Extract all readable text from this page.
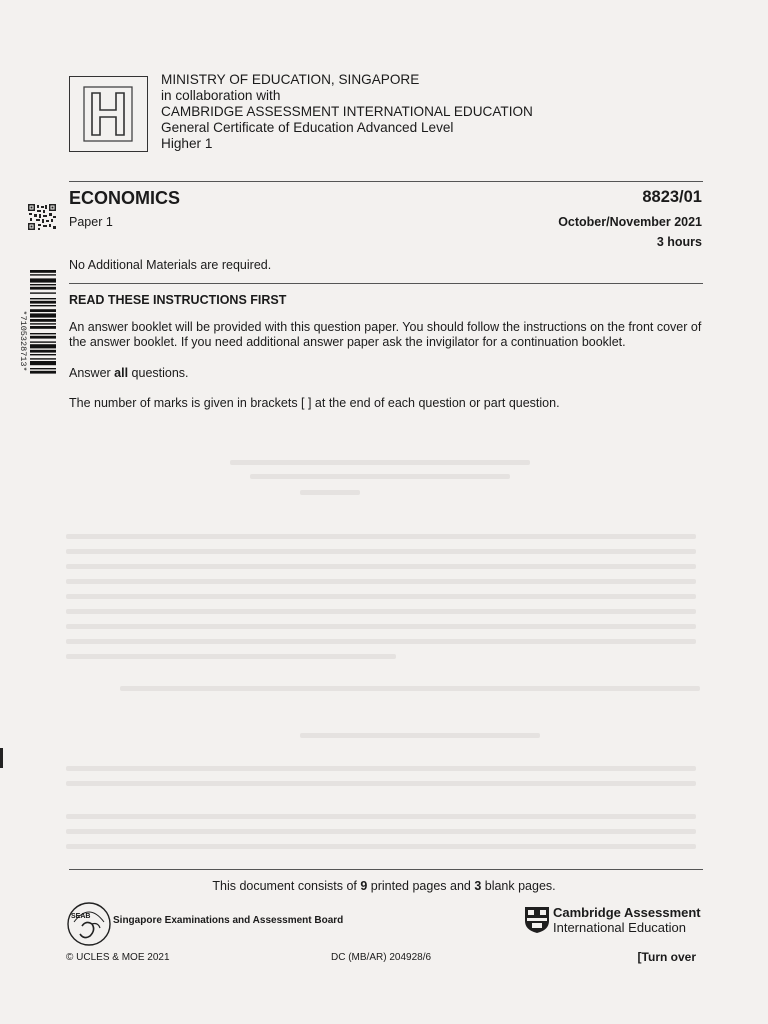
MINISTRY OF EDUCATION, SINGAPORE
in collaboration with
CAMBRIDGE ASSESSMENT INTERNATIONAL EDUCATION
General Certificate of Education Advanced Level
Higher 1
ECONOMICS
Paper 1
8823/01
October/November 2021
3 hours
No Additional Materials are required.
READ THESE INSTRUCTIONS FIRST
An answer booklet will be provided with this question paper. You should follow the instructions on the front cover of the answer booklet. If you need additional answer paper ask the invigilator for a continuation booklet.
Answer all questions.
The number of marks is given in brackets [ ] at the end of each question or part question.
*7105328713*
This document consists of 9 printed pages and 3 blank pages.
SEAB Singapore Examinations and Assessment Board
Cambridge Assessment
International Education
© UCLES & MOE 2021	DC (MB/AR) 204928/6	[Turn over
